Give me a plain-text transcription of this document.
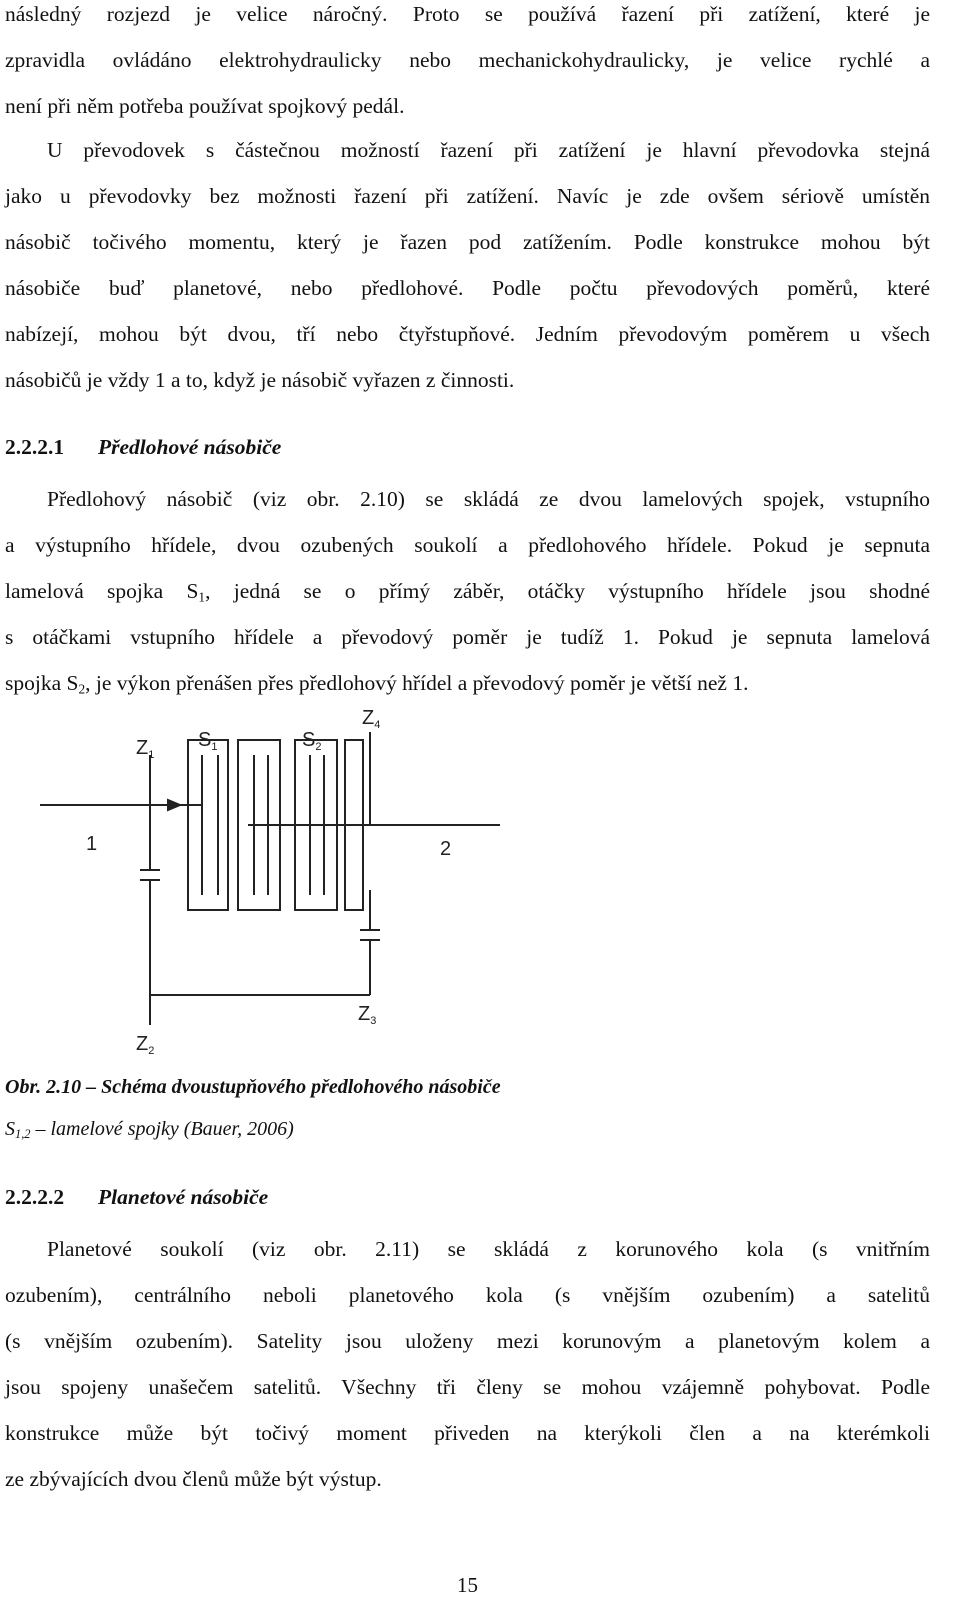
následný rozjezd je velice náročný. Proto se používá řazení při zatížení, které je
zpravidla ovládáno elektrohydraulicky nebo mechanickohydraulicky, je velice rychlé a
není při něm potřeba používat spojkový pedál.
U převodovek s částečnou možností řazení při zatížení je hlavní převodovka stejná
jako u převodovky bez možnosti řazení při zatížení. Navíc je zde ovšem sériově umístěn
násobič točivého momentu, který je řazen pod zatížením. Podle konstrukce mohou být
násobiče buď planetové, nebo předlohové. Podle počtu převodových poměrů, které
nabízejí, mohou být dvou, tří nebo čtyřstupňové. Jedním převodovým poměrem u všech
násobičů je vždy 1 a to, když je násobič vyřazen z činnosti.
2.2.2.1 Předlohové násobiče
Předlohový násobič (viz obr. 2.10) se skládá ze dvou lamelových spojek, vstupního
a výstupního hřídele, dvou ozubených soukolí a předlohového hřídele. Pokud je sepnuta
lamelová spojka $S_1$, jedná se o přímý záběr, otáčky výstupního hřídele jsou shodné
s otáčkami vstupního hřídele a převodový poměr je tudíž 1. Pokud je sepnuta lamelová
spojka $S_2$, je výkon přenášen přes předlohový hřídel a převodový poměr je větší než 1.
$Z_1$
$S_1$	$S_2$
$Z_4$
$Z_3$
$Z_2$
1	2
Obr. 2.10 – Schéma dvoustupňového předlohového násobiče
$S_{1,2}$ – lamelové spojky (Bauer, 2006)
2.2.2.2 Planetové násobiče
Planetové soukolí (viz obr. 2.11) se skládá z korunového kola (s vnitřním
ozubením), centrálního neboli planetového kola (s vnějším ozubením) a satelitů
(s vnějším ozubením). Satelity jsou uloženy mezi korunovým a planetovým kolem a
jsou spojeny unašečem satelitů. Všechny tři členy se mohou vzájemně pohybovat. Podle
konstrukce může být točivý moment přiveden na kterýkoli člen a na kterémkoli
ze zbývajících dvou členů může být výstup.
15
